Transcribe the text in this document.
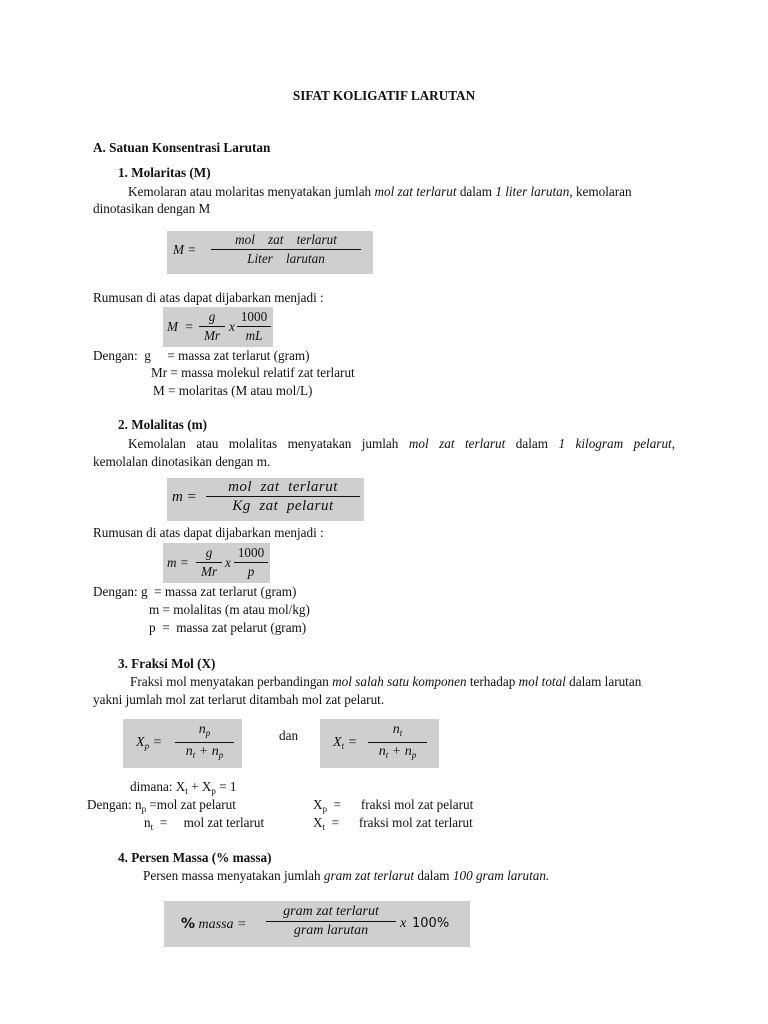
SIFAT KOLIGATIF LARUTAN
A. Satuan Konsentrasi Larutan
1. Molaritas (M)
Kemolaran atau molaritas menyatakan jumlah mol zat terlarut dalam 1 liter larutan, kemolaran
dinotasikan dengan M
M =
mol    zat    terlarut
Liter    larutan
Rumusan di atas dapat dijabarkan menjadi :
M  =
g
Mr
x
1000
mL
Dengan:  g     = massa zat terlarut (gram)
Mr = massa molekul relatif zat terlarut
M = molaritas (M atau mol/L)
2. Molalitas (m)
Kemolalan atau molalitas menyatakan jumlah mol zat terlarut dalam 1 kilogram pelarut,
kemolalan dinotasikan dengan m.
m =
mol  zat  terlarut
Kg  zat  pelarut
Rumusan di atas dapat dijabarkan menjadi :
m =
g
Mr
x
1000
p
Dengan: g  = massa zat terlarut (gram)
m = molalitas (m atau mol/kg)
p  =  massa zat pelarut (gram)
3. Fraksi Mol (X)
Fraksi mol menyatakan perbandingan mol salah satu komponen terhadap mol total dalam larutan
yakni jumlah mol zat terlarut ditambah mol zat pelarut.
$X_p$ =
$n_p$
$n_t + n_p$
dan $X_t$ =
$n_t$
$n_t + n_p$
dimana: $X_t + X_p = 1$
Dengan: $n_p =mol$ zat pelarut
$n_t$  =     mol zat terlarut
$X_p$  =      fraksi mol zat pelarut
$X_t$  =      fraksi mol zat terlarut
4. Persen Massa (% massa)
Persen massa menyatakan jumlah gram zat terlarut dalam 100 gram larutan.
% massa =
gram zat terlarut
gram larutan x 100%
